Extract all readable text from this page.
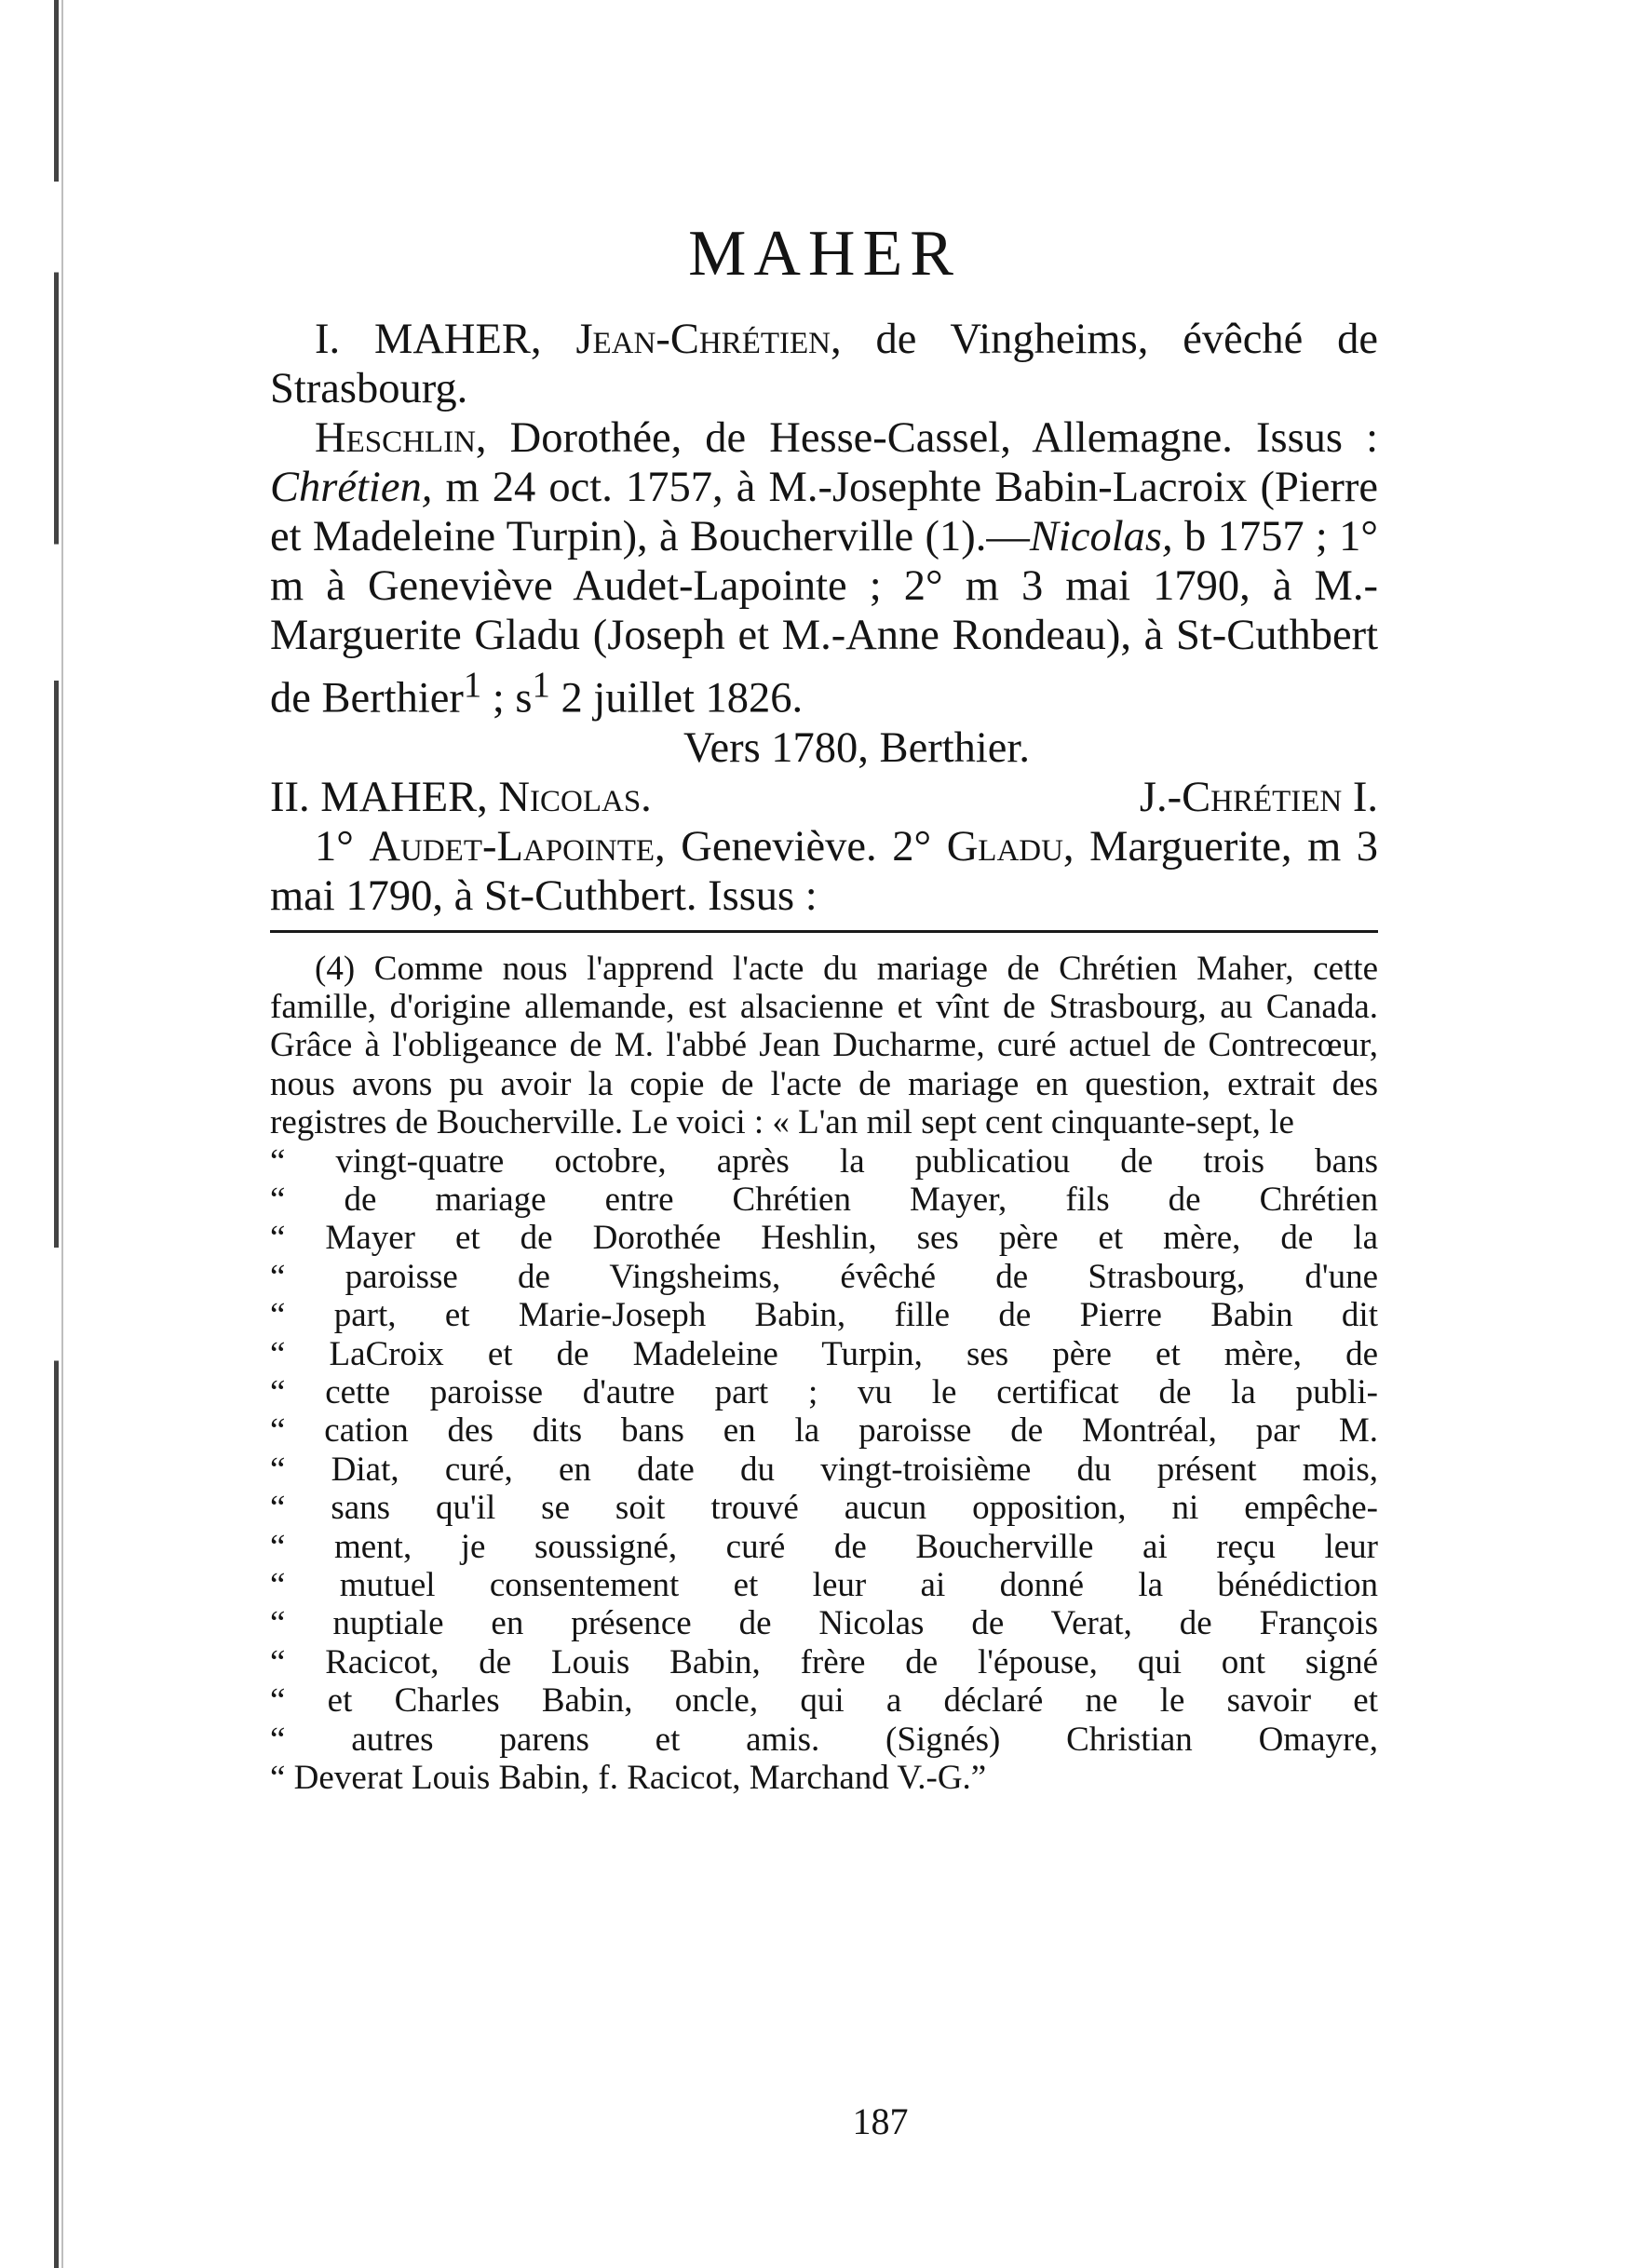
MAHER

I. MAHER, Jean-Chrétien, de Vingheims, évêché de Strasbourg.

Heschlin, Dorothée, de Hesse-Cassel, Allemagne. Issus : Chrétien, m 24 oct. 1757, à M.-Josephte Babin-Lacroix (Pierre et Madeleine Turpin), à Boucherville (1).—Nicolas, b 1757 ; 1° m à Geneviève Audet-Lapointe ; 2° m 3 mai 1790, à M.-Marguerite Gladu (Joseph et M.-Anne Rondeau), à St-Cuthbert de Berthier$^1$ ; $s^1$ 2 juillet 1826.

Vers 1780, Berthier.

II. MAHER, Nicolas.	J.-Chrétien I.

1° Audet-Lapointe, Geneviève. 2° Gladu, Marguerite, m 3 mai 1790, à St-Cuthbert. Issus :

(4) Comme nous l'apprend l'acte du mariage de Chrétien Maher, cette famille, d'origine allemande, est alsacienne et vînt de Strasbourg, au Canada. Grâce à l'obligeance de M. l'abbé Jean Ducharme, curé actuel de Contrecœur, nous avons pu avoir la copie de l'acte de mariage en question, extrait des registres de Boucherville. Le voici : « L'an mil sept cent cinquante-sept, le

“ vingt-quatre octobre, après la publicatiou de trois bans
“ de mariage entre Chrétien Mayer, fils de Chrétien
“ Mayer et de Dorothée Heshlin, ses père et mère, de la
“ paroisse de Vingsheims, évêché de Strasbourg, d'une
“ part, et Marie-Joseph Babin, fille de Pierre Babin dit
“ LaCroix et de Madeleine Turpin, ses père et mère, de
“ cette paroisse d'autre part ; vu le certificat de la publi-
“ cation des dits bans en la paroisse de Montréal, par M.
“ Diat, curé, en date du vingt-troisième du présent mois,
“ sans qu'il se soit trouvé aucun opposition, ni empêche-
“ ment, je soussigné, curé de Boucherville ai reçu leur
“ mutuel consentement et leur ai donné la bénédiction
“ nuptiale en présence de Nicolas de Verat, de François
“ Racicot, de Louis Babin, frère de l'épouse, qui ont signé
“ et Charles Babin, oncle, qui a déclaré ne le savoir et
“ autres parens et amis. (Signés) Christian Omayre,
“ Deverat Louis Babin, f. Racicot, Marchand V.-G.”
187
